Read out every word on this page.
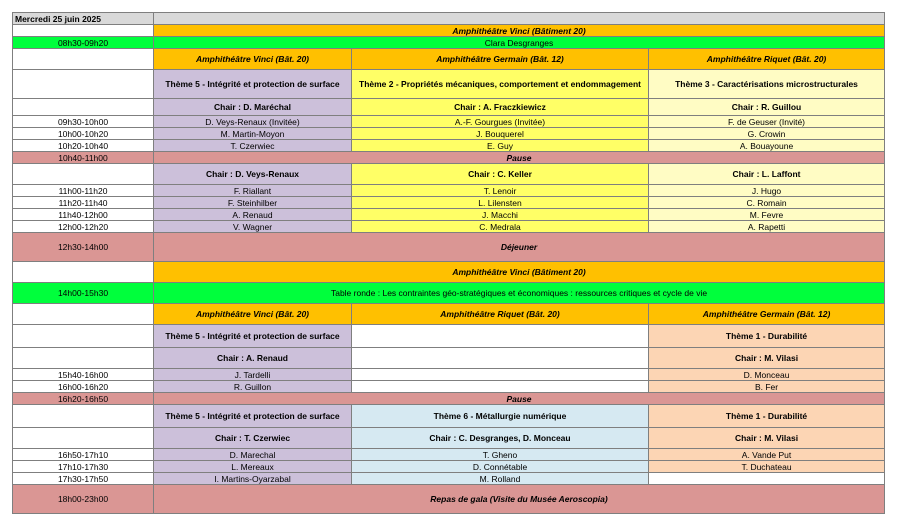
Mercredi 25 juin 2025			
	Amphithéâtre Vinci (Bâtiment 20)		
08h30-09h20	Clara Desgranges		
	Amphithéâtre Vinci (Bât. 20)	Amphithéâtre Germain (Bât. 12)	Amphithéâtre Riquet (Bât. 20)
	Thème 5 - Intégrité et protection de surface	Thème 2 - Propriétés mécaniques, comportement et endommagement	Thème 3 - Caractérisations microstructurales
	Chair : D. Maréchal	Chair : A. Fraczkiewicz	Chair : R. Guillou
09h30-10h00	D. Veys-Renaux (Invitée)	A.-F. Gourgues (Invitée)	F. de Geuser (Invité)
10h00-10h20	M. Martin-Moyon	J. Bouquerel	G. Crowin
10h20-10h40	T. Czerwiec	E. Guy	A. Bouayoune
10h40-11h00	Pause		
	Chair : D. Veys-Renaux	Chair : C. Keller	Chair : L. Laffont
11h00-11h20	F. Riallant	T. Lenoir	J. Hugo
11h20-11h40	F. Steinhilber	L. Lilensten	C. Romain
11h40-12h00	A. Renaud	J. Macchi	M. Fevre
12h00-12h20	V. Wagner	C. Medrala	A. Rapetti
12h30-14h00	Déjeuner		
	Amphithéâtre Vinci (Bâtiment 20)		
14h00-15h30	Table ronde : Les contraintes géo-stratégiques et économiques : ressources critiques et cycle de vie		
	Amphithéâtre Vinci (Bât. 20)	Amphithéâtre Riquet (Bât. 20)	Amphithéâtre Germain (Bât. 12)
	Thème 5 - Intégrité et protection de surface		Thème 1 - Durabilité
	Chair : A. Renaud		Chair : M. Vilasi
15h40-16h00	J. Tardelli		D. Monceau
16h00-16h20	R. Guillon		B. Fer
16h20-16h50	Pause		
	Thème 5 - Intégrité et protection de surface	Thème 6 - Métallurgie numérique	Thème 1 - Durabilité
	Chair : T. Czerwiec	Chair : C. Desgranges, D. Monceau	Chair : M. Vilasi
16h50-17h10	D. Marechal	T. Gheno	A. Vande Put
17h10-17h30	L. Mereaux	D. Connétable	T. Duchateau
17h30-17h50	I. Martins-Oyarzabal	M. Rolland	
18h00-23h00	Repas de gala (Visite du Musée Aeroscopia)		
